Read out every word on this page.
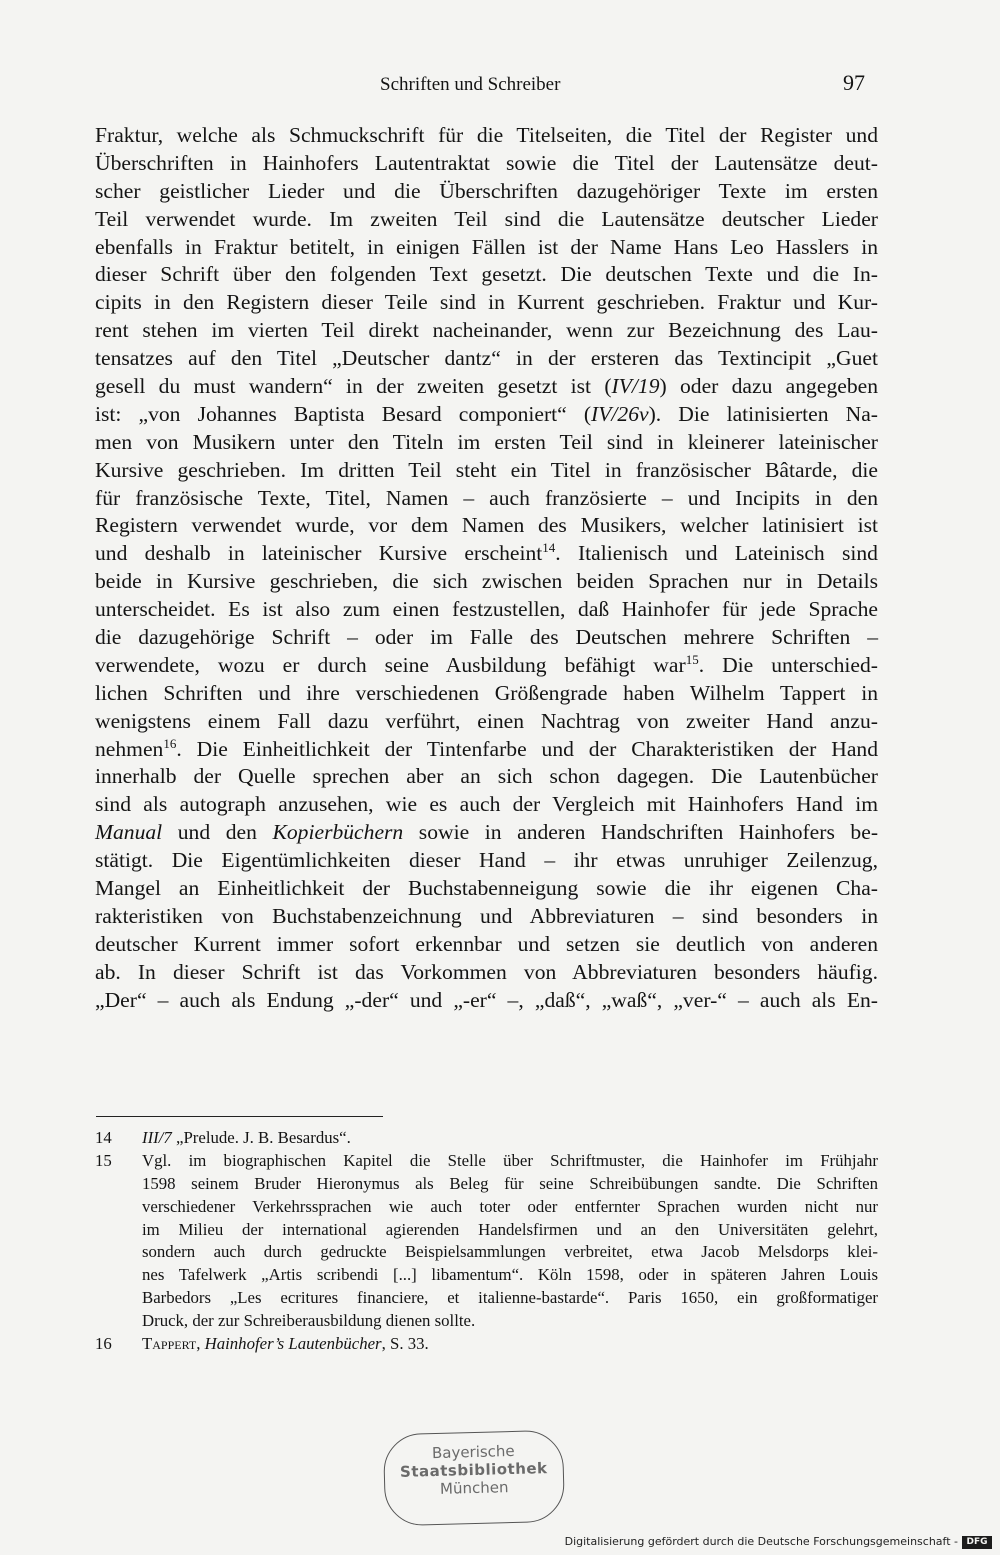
Schriften und Schreiber	97
Fraktur, welche als Schmuckschrift für die Titelseiten, die Titel der Register und
Überschriften in Hainhofers Lautentraktat sowie die Titel der Lautensätze deut-
scher geistlicher Lieder und die Überschriften dazugehöriger Texte im ersten
Teil verwendet wurde. Im zweiten Teil sind die Lautensätze deutscher Lieder
ebenfalls in Fraktur betitelt, in einigen Fällen ist der Name Hans Leo Hasslers in
dieser Schrift über den folgenden Text gesetzt. Die deutschen Texte und die In-
cipits in den Registern dieser Teile sind in Kurrent geschrieben. Fraktur und Kur-
rent stehen im vierten Teil direkt nacheinander, wenn zur Bezeichnung des Lau-
tensatzes auf den Titel „Deutscher dantz“ in der ersteren das Textincipit „Guet
gesell du must wandern“ in der zweiten gesetzt ist (IV/19) oder dazu angegeben
ist: „von Johannes Baptista Besard componiert“ (IV/26v). Die latinisierten Na-
men von Musikern unter den Titeln im ersten Teil sind in kleinerer lateinischer
Kursive geschrieben. Im dritten Teil steht ein Titel in französischer Bâtarde, die
für französische Texte, Titel, Namen – auch französierte – und Incipits in den
Registern verwendet wurde, vor dem Namen des Musikers, welcher latinisiert ist
und deshalb in lateinischer Kursive erscheint$^{14}$. Italienisch und Lateinisch sind
beide in Kursive geschrieben, die sich zwischen beiden Sprachen nur in Details
unterscheidet. Es ist also zum einen festzustellen, daß Hainhofer für jede Sprache
die dazugehörige Schrift – oder im Falle des Deutschen mehrere Schriften –
verwendete, wozu er durch seine Ausbildung befähigt war$^{15}$. Die unterschied-
lichen Schriften und ihre verschiedenen Größengrade haben Wilhelm Tappert in
wenigstens einem Fall dazu verführt, einen Nachtrag von zweiter Hand anzu-
nehmen$^{16}$. Die Einheitlichkeit der Tintenfarbe und der Charakteristiken der Hand
innerhalb der Quelle sprechen aber an sich schon dagegen. Die Lautenbücher
sind als autograph anzusehen, wie es auch der Vergleich mit Hainhofers Hand im
Manual und den Kopierbüchern sowie in anderen Handschriften Hainhofers be-
stätigt. Die Eigentümlichkeiten dieser Hand – ihr etwas unruhiger Zeilenzug,
Mangel an Einheitlichkeit der Buchstabenneigung sowie die ihr eigenen Cha-
rakteristiken von Buchstabenzeichnung und Abbreviaturen – sind besonders in
deutscher Kurrent immer sofort erkennbar und setzen sie deutlich von anderen
ab. In dieser Schrift ist das Vorkommen von Abbreviaturen besonders häufig.
„Der“ – auch als Endung „-der“ und „-er“ –, „daß“, „waß“, „ver-“ – auch als En-
14	III/7 „Prelude. J. B. Besardus“.
15	Vgl. im biographischen Kapitel die Stelle über Schriftmuster, die Hainhofer im Frühjahr
1598 seinem Bruder Hieronymus als Beleg für seine Schreibübungen sandte. Die Schriften
verschiedener Verkehrssprachen wie auch toter oder entfernter Sprachen wurden nicht nur
im Milieu der international agierenden Handelsfirmen und an den Universitäten gelehrt,
sondern auch durch gedruckte Beispielsammlungen verbreitet, etwa Jacob Melsdorps klei-
nes Tafelwerk „Artis scribendi [...] libamentum“. Köln 1598, oder in späteren Jahren Louis
Barbedors „Les ecritures financiere, et italienne-bastarde“. Paris 1650, ein großformatiger
Druck, der zur Schreiberausbildung dienen sollte.
16	Tappert, Hainhofer’s Lautenbücher, S. 33.
Bayerische
Staatsbibliothek
München
Digitalisierung gefördert durch die Deutsche Forschungsgemeinschaft - DFG
